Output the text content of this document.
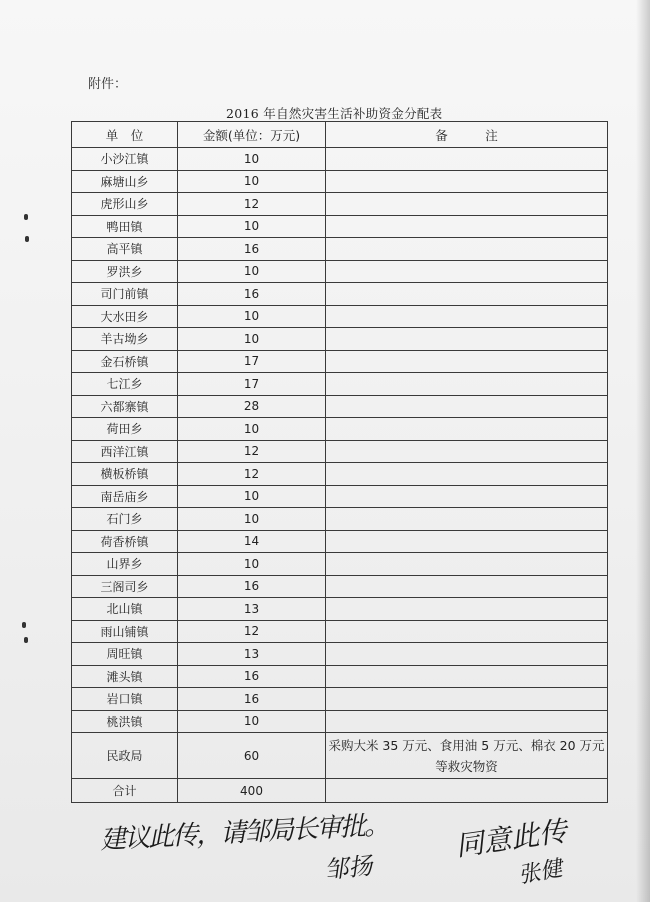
附件：
2016 年自然灾害生活补助资金分配表
单　位	金额(单位：万元)	备　　　注
小沙江镇	10	
麻塘山乡	10	
虎形山乡	12	
鸭田镇	10	
高平镇	16	
罗洪乡	10	
司门前镇	16	
大水田乡	10	
羊古坳乡	10	
金石桥镇	17	
七江乡	17	
六都寨镇	28	
荷田乡	10	
西洋江镇	12	
横板桥镇	12	
南岳庙乡	10	
石门乡	10	
荷香桥镇	14	
山界乡	10	
三阁司乡	16	
北山镇	13	
雨山铺镇	12	
周旺镇	13	
滩头镇	16	
岩口镇	16	
桃洪镇	10	
民政局	60	采购大米 35 万元、食用油 5 万元、棉衣 20 万元等救灾物资
合计	400	
建议此传，请邹局长审批。
邹扬
同意此传
张健
